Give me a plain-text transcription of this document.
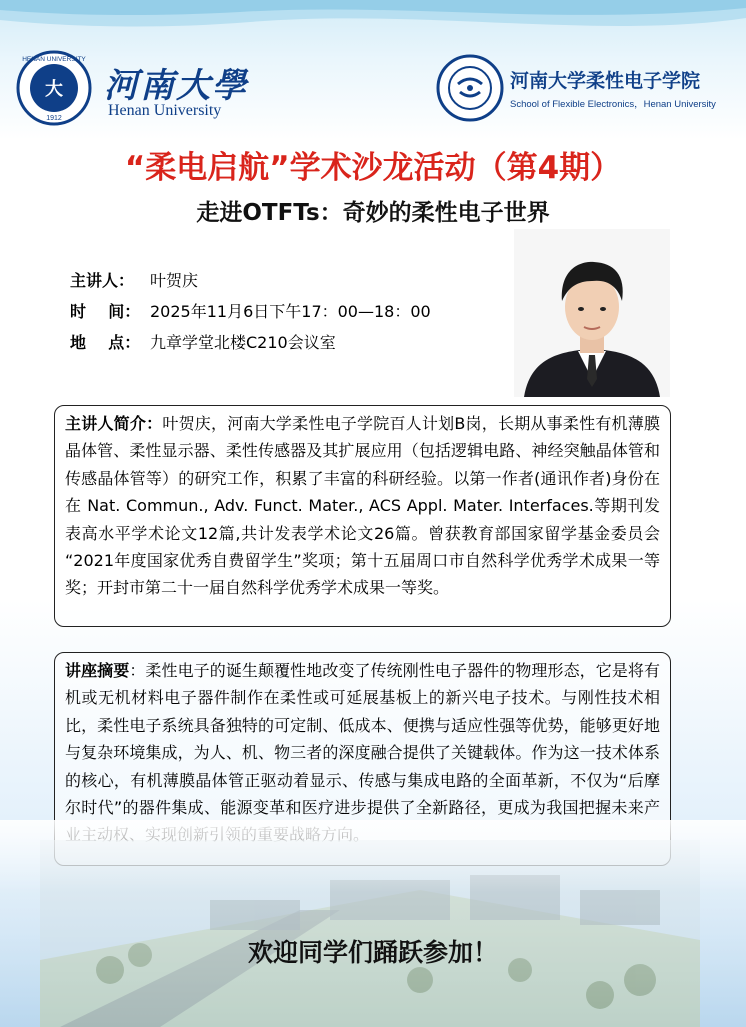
大
1912
HENAN UNIVERSITY
河南大學
Henan University
河南大学柔性电子学院
School of Flexible Electronics，Henan University
“柔电启航”学术沙龙活动（第4期）
走进OTFTs：奇妙的柔性电子世界
主讲人： 叶贺庆
时    间： 2025年11月6日下午17：00—18：00
地    点： 九章学堂北楼C210会议室
主讲人简介：叶贺庆，河南大学柔性电子学院百人计划B岗，长期从事柔性有机薄膜晶体管、柔性显示器、柔性传感器及其扩展应用（包括逻辑电路、神经突触晶体管和传感晶体管等）的研究工作，积累了丰富的科研经验。以第一作者(通讯作者)身份在在 Nat. Commun., Adv. Funct. Mater., ACS Appl. Mater. Interfaces.等期刊发表高水平学术论文12篇,共计发表学术论文26篇。曾获教育部国家留学基金委员会 “2021年度国家优秀自费留学生”奖项；第十五届周口市自然科学优秀学术成果一等奖；开封市第二十一届自然科学优秀学术成果一等奖。
讲座摘要：柔性电子的诞生颠覆性地改变了传统刚性电子器件的物理形态，它是将有机或无机材料电子器件制作在柔性或可延展基板上的新兴电子技术。与刚性技术相比，柔性电子系统具备独特的可定制、低成本、便携与适应性强等优势，能够更好地与复杂环境集成，为人、机、物三者的深度融合提供了关键载体。作为这一技术体系的核心，有机薄膜晶体管正驱动着显示、传感与集成电路的全面革新，不仅为“后摩尔时代”的器件集成、能源变革和医疗进步提供了全新路径，更成为我国把握未来产
欢迎同学们踊跃参加！
